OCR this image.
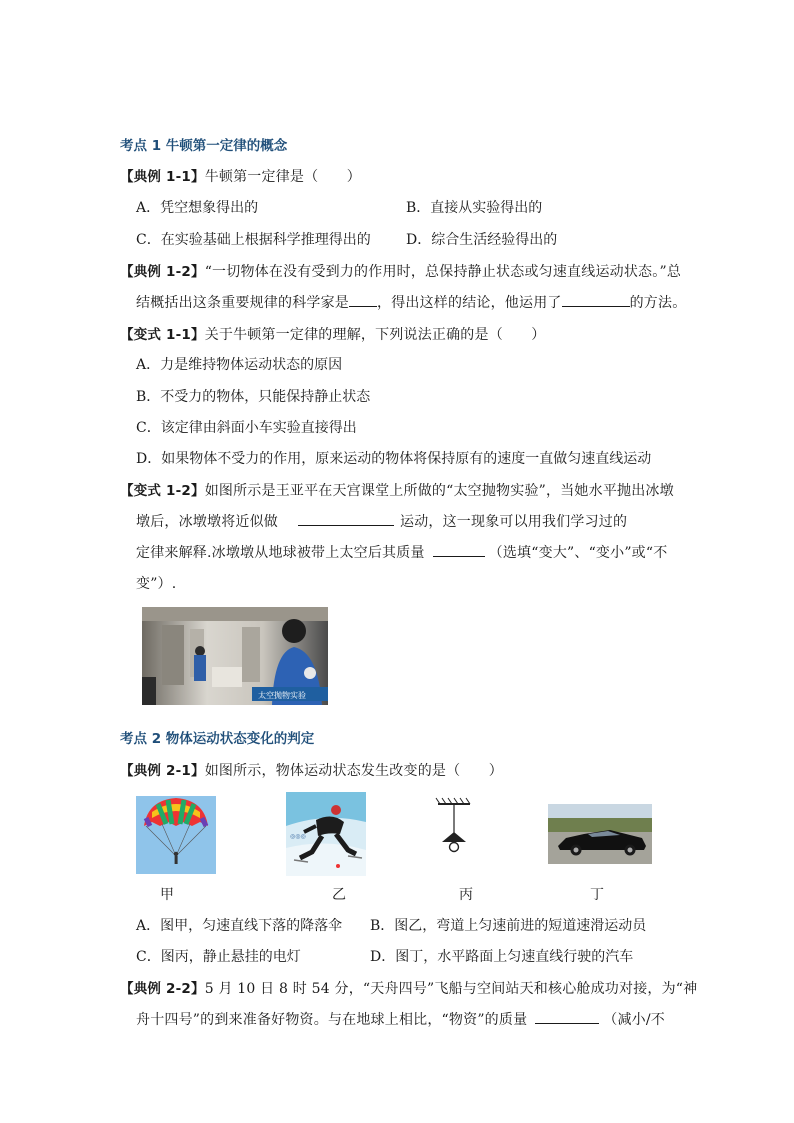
考点 1 牛顿第一定律的概念
【典例 1-1】牛顿第一定律是（　　）
A．凭空想象得出的	B．直接从实验得出的
C．在实验基础上根据科学推理得出的	D．综合生活经验得出的
【典例 1-2】“一切物体在没有受到力的作用时，总保持静止状态或匀速直线运动状态。”总
结概括出这条重要规律的科学家是 ，得出这样的结论，他运用了	的方法。
【变式 1-1】关于牛顿第一定律的理解，下列说法正确的是（　　）
A．力是维持物体运动状态的原因
B．不受力的物体，只能保持静止状态
C．该定律由斜面小车实验直接得出
D．如果物体不受力的作用，原来运动的物体将保持原有的速度一直做匀速直线运动
【变式 1-2】如图所示是王亚平在天宫课堂上所做的“太空抛物实验”，当她水平抛出冰墩
墩后，冰墩墩将近似做	运动，这一现象可以用我们学习过的
定律来解释.冰墩墩从地球被带上太空后其质量	（选填“变大”、“变小”或“不
变”）.
太空抛物实验
考点 2 物体运动状态变化的判定
【典例 2-1】如图所示，物体运动状态发生改变的是（　　）
甲
◎◎◎
乙	丙	丁
A．图甲，匀速直线下落的降落伞 B．图乙，弯道上匀速前进的短道速滑运动员
C．图丙，静止悬挂的电灯	D．图丁，水平路面上匀速直线行驶的汽车
【典例 2-2】5 月 10 日 8 时 54 分，“天舟四号”飞船与空间站天和核心舱成功对接，为“神
舟十四号”的到来准备好物资。与在地球上相比，“物资”的质量	（减小/不
